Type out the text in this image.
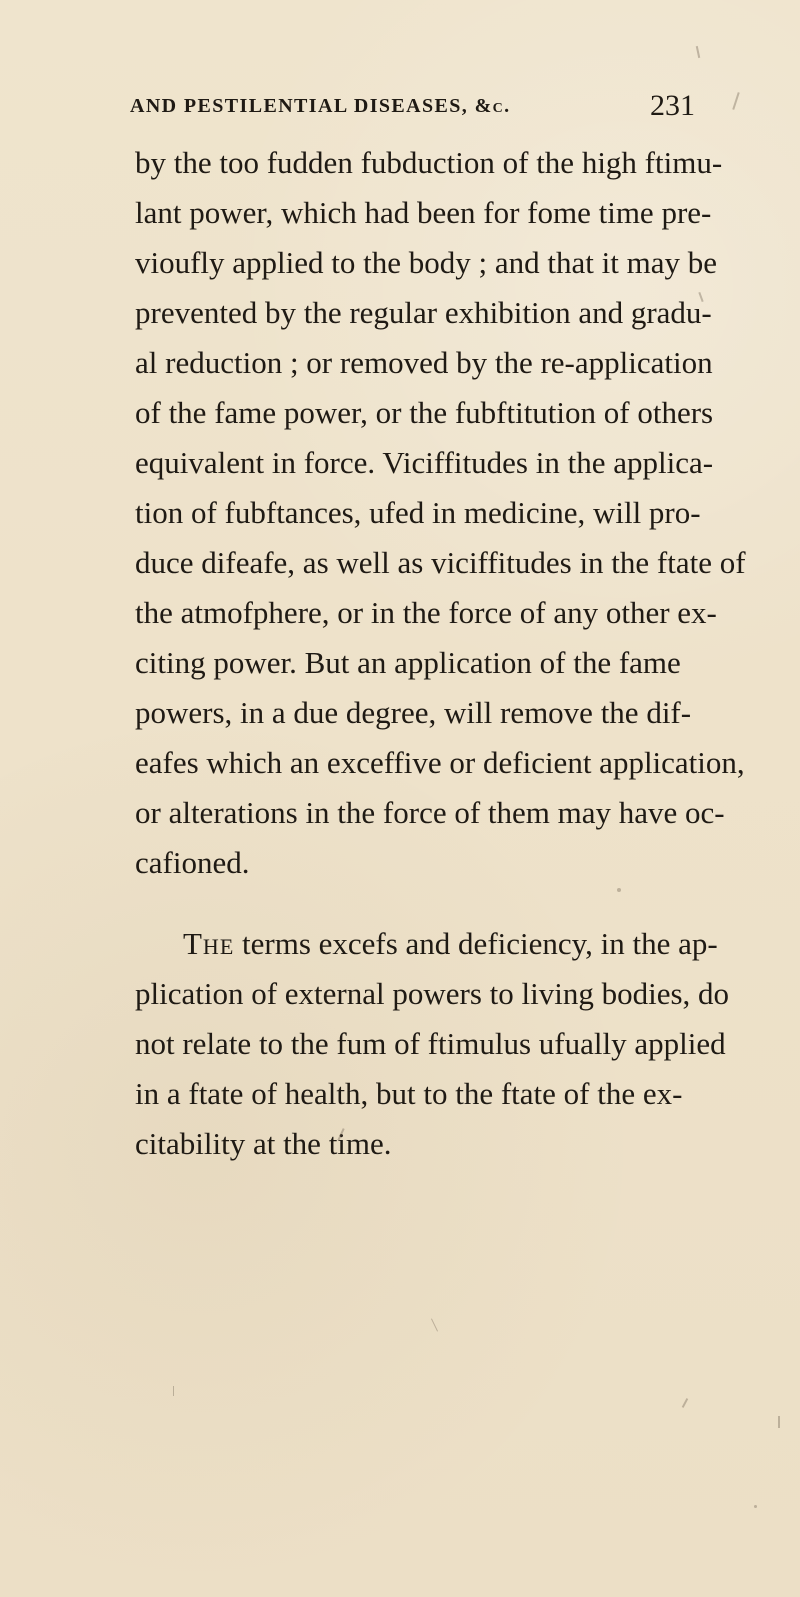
AND PESTILENTIAL DISEASES, &c.	231
by the too fudden fubduction of the high ftimu-
lant power, which had been for fome time pre-
vioufly applied to the body ; and that it may be
prevented by the regular exhibition and gradu-
al reduction ; or removed by the re-application
of the fame power, or the fubftitution of others
equivalent in force. Viciffitudes in the applica-
tion of fubftances, ufed in medicine, will pro-
duce difeafe, as well as viciffitudes in the ftate of
the atmofphere, or in the force of any other ex-
citing power. But an application of the fame
powers, in a due degree, will remove the dif-
eafes which an exceffive or deficient application,
or alterations in the force of them may have oc-
cafioned.
The terms excefs and deficiency, in the ap-
plication of external powers to living bodies, do
not relate to the fum of ftimulus ufually applied
in a ftate of health, but to the ftate of the ex-
citability at the time.
